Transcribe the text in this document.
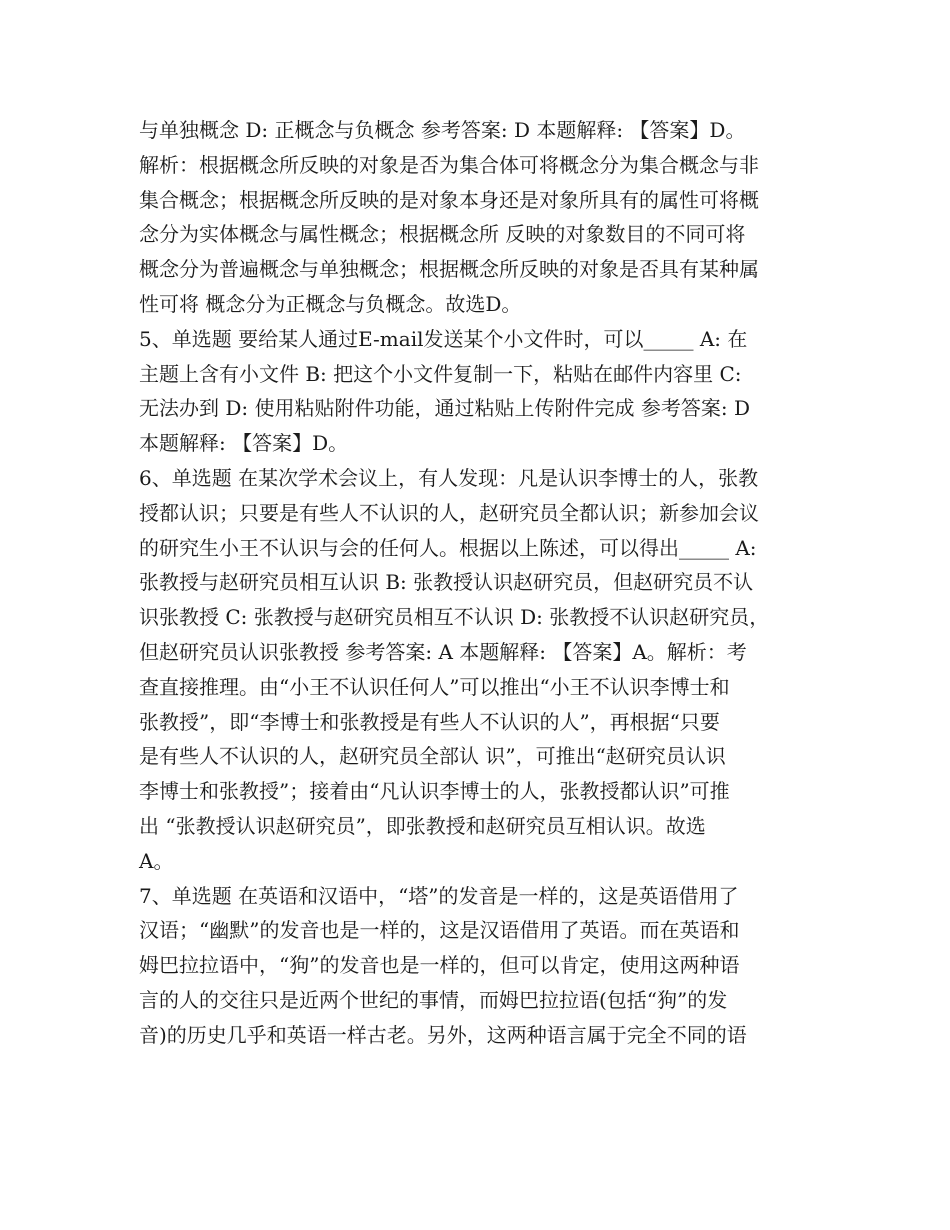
与单独概念 D: 正概念与负概念 参考答案: D 本题解释: 【答案】D。
解析：根据概念所反映的对象是否为集合体可将概念分为集合概念与非
集合概念；根据概念所反映的是对象本身还是对象所具有的属性可将概
念分为实体概念与属性概念；根据概念所 反映的对象数目的不同可将
概念分为普遍概念与单独概念；根据概念所反映的对象是否具有某种属
性可将 概念分为正概念与负概念。故选D。
5、单选题 要给某人通过E-mail发送某个小文件时，可以_____ A: 在
主题上含有小文件 B: 把这个小文件复制一下，粘贴在邮件内容里 C:
无法办到 D: 使用粘贴附件功能，通过粘贴上传附件完成 参考答案: D
本题解释: 【答案】D。
6、单选题 在某次学术会议上，有人发现：凡是认识李博士的人，张教
授都认识；只要是有些人不认识的人，赵研究员全都认识；新参加会议
的研究生小王不认识与会的任何人。根据以上陈述，可以得出_____ A:
张教授与赵研究员相互认识 B: 张教授认识赵研究员，但赵研究员不认
识张教授 C: 张教授与赵研究员相互不认识 D: 张教授不认识赵研究员，
但赵研究员认识张教授 参考答案: A 本题解释: 【答案】A。解析：考
查直接推理。由“小王不认识任何人”可以推出“小王不认识李博士和
张教授”，即“李博士和张教授是有些人不认识的人”，再根据“只要
是有些人不认识的人，赵研究员全部认 识”，可推出“赵研究员认识
李博士和张教授”；接着由“凡认识李博士的人，张教授都认识”可推
出 “张教授认识赵研究员”，即张教授和赵研究员互相认识。故选
A。
7、单选题 在英语和汉语中，“塔”的发音是一样的，这是英语借用了
汉语；“幽默”的发音也是一样的，这是汉语借用了英语。而在英语和
姆巴拉拉语中，“狗”的发音也是一样的，但可以肯定，使用这两种语
言的人的交往只是近两个世纪的事情，而姆巴拉拉语(包括“狗”的发
音)的历史几乎和英语一样古老。另外，这两种语言属于完全不同的语
